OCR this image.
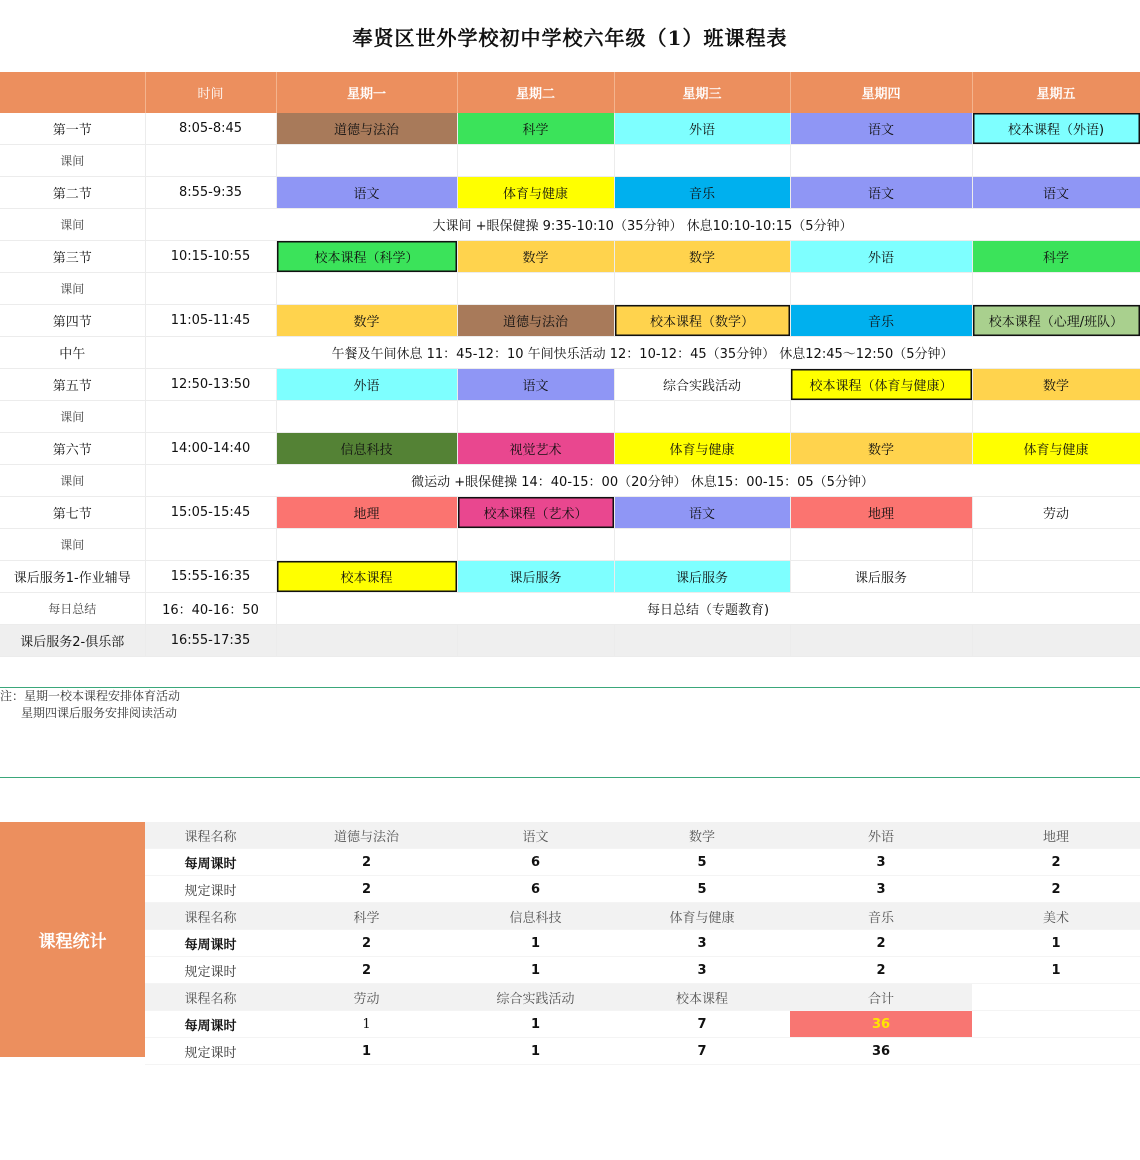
奉贤区世外学校初中学校六年级（1）班课程表
	时间	星期一	星期二	星期三	星期四	星期五
第一节	8:05-8:45	道德与法治	科学	外语	语文	校本课程（外语)
课间						
第二节	8:55-9:35	语文	体育与健康	音乐	语文	语文
课间	大课间 +眼保健操 9:35-10:10（35分钟） 休息10:10-10:15（5分钟）					
第三节	10:15-10:55	校本课程（科学）	数学	数学	外语	科学
课间						
第四节	11:05-11:45	数学	道德与法治	校本课程（数学）	音乐	校本课程（心理/班队）
中午	午餐及午间休息 11：45-12：10 午间快乐活动 12：10-12：45（35分钟） 休息12:45～12:50（5分钟）					
第五节	12:50-13:50	外语	语文	综合实践活动	校本课程（体育与健康）	数学
课间						
第六节	14:00-14:40	信息科技	视觉艺术	体育与健康	数学	体育与健康
课间	微运动 +眼保健操 14：40-15：00（20分钟） 休息15：00-15：05（5分钟）					
第七节	15:05-15:45	地理	校本课程（艺术）	语文	地理	劳动
课间						
课后服务1-作业辅导	15:55-16:35	校本课程	课后服务	课后服务	课后服务	
每日总结	16：40-16：50	每日总结（专题教育)				
课后服务2-俱乐部	16:55-17:35					
注：星期一校本课程安排体育活动
星期四课后服务安排阅读活动
课程统计
课程名称	道德与法治	语文	数学	外语	地理
每周课时	2	6	5	3	2
规定课时	2	6	5	3	2
课程名称	科学	信息科技	体育与健康	音乐	美术
每周课时	2	1	3	2	1
规定课时	2	1	3	2	1
课程名称	劳动	综合实践活动	校本课程	合计	
每周课时	1	1	7	36	
规定课时	1	1	7	36	
